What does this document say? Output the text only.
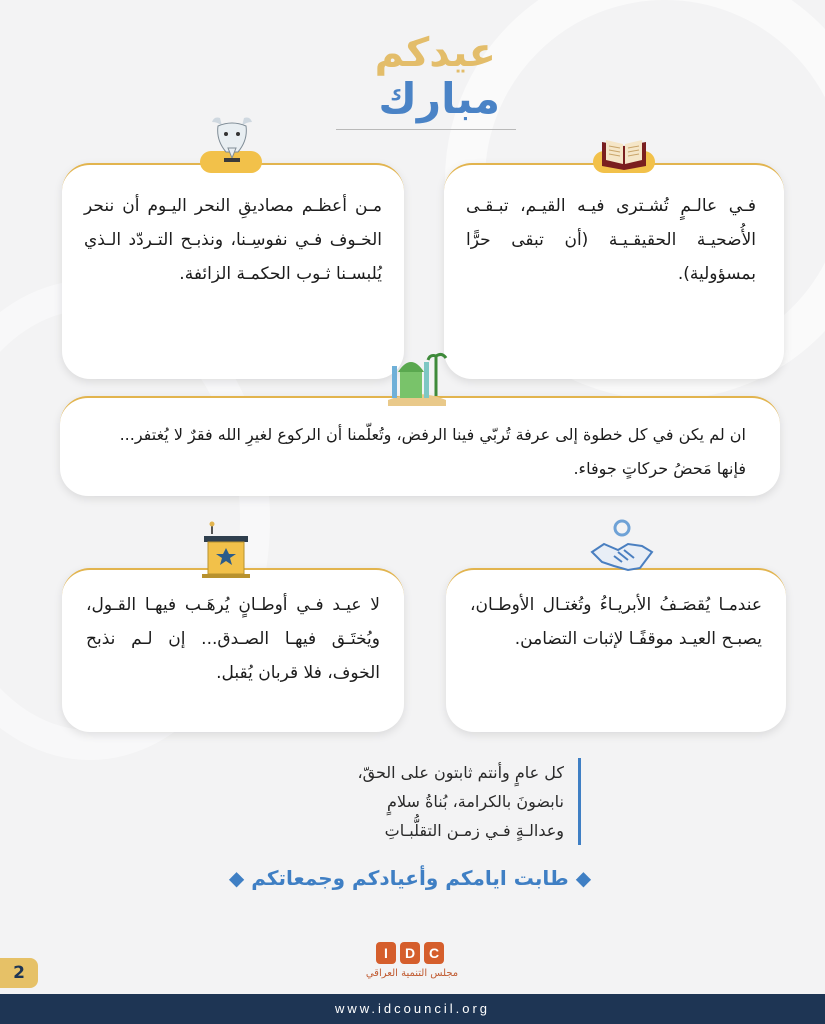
عيدكم
مبارك

فـي عالـمٍ تُشـترى فيـه القيـم، تبـقـى الأُضحيـة الحقيقـيـة (أن تبقى حرًّا بمسؤولية).

مـن أعظـم مصاديقِ النحر اليـوم أن ننحر الخـوف فـي نفوسِـنا، ونذبـح التـردّد الـذي يُلبسـنا ثـوب الحكمـة الزائفة.

ان لم يكن في كل خطوة إلى عرفة تُربّي فينا الرفض، وتُعلّمنا أن الركوع لغيرِ الله فقرٌ لا يُغتفر... فإنها مَحضُ حركاتٍ جوفاء.

عندمـا يُقصَـفُ الأبريـاءُ وتُغتـال الأوطـان، يصبـح العيـد موقفًـا لإثبات التضامن.

لا عيـد فـي أوطـانٍ يُرهَـب فيهـا القـول، ويُختَـق فيهـا الصـدق... إن لـم نذبح الخوف، فلا قربان يُقبل.

كل عامٍ وأنتم ثابتون على الحقّ،
نابضونَ بالكرامة، بُناةُ سلامٍ
وعدالـةٍ فـي زمـن التقلُّبـاتِ
◆ طابت ايامكم وأعيادكم وجمعاتكم ◆
I	D C
مجلس التنمية العراقي
2
www.idcouncil.org
